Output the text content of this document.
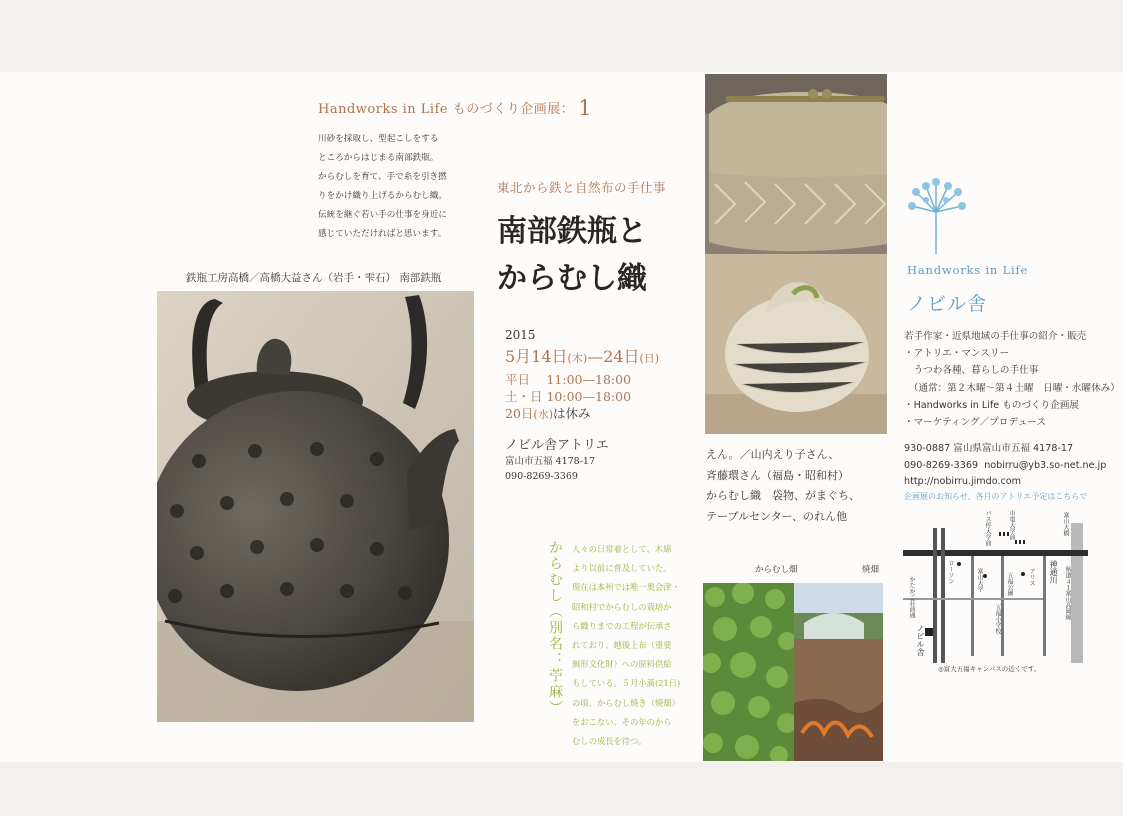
Handworks in Life ものづくり企画展： 1
川砂を採取し、型起こしをする
ところからはじまる南部鉄瓶。
からむしを育て、手で糸を引き撚
りをかけ織り上げるからむし織。
伝統を継ぐ若い手の仕事を身近に
感じていただければと思います。
鉄瓶工房高橋／高橋大益さん（岩手・雫石） 南部鉄瓶
東北から鉄と自然布の手仕事
南部鉄瓶と
からむし織
2015
5月14日(木)—24日(日)
平日　 11:00—18:00
土・日 10:00—18:00
20日(水)は休み
ノビル舎アトリエ
富山市五福 4178-17
090-8269-3369
からむし（別名：苧麻） 人々の日常着として、木綿
より以前に普及していた。
現在は本州では唯一奥会津・
昭和村でからむしの栽培か
ら織りまでの工程が伝承さ
れており、越後上布（重要
無形文化財）への原料供給
もしている。５月小満(21日)
の頃、からむし焼き（焼畑）
をおこない、その年のから
むしの成長を待つ。
えん。／山内えり子さん、
斉藤環さん（福島・昭和村）
からむし織　袋物、がまぐち、
テーブルセンター、のれん他
からむし畑	焼畑
Handworks in Life
ノビル舎
若手作家・近県地域の手仕事の紹介・販売
・アトリエ・マンスリー
　うつわ各種、暮らしの手仕事
　（通常：第２木曜〜第４土曜　日曜・水曜休み）
・Handworks in Life ものづくり企画展
・マーケティング／プロデュース
930-0887 富山県富山市五福 4178-17
090-8269-3369 nobirru@yb3.so-net.ne.jp
http://nobirru.jimdo.com
企画展のお知らせ、各月のアトリエ予定はこちらで
ローソン	富山大学	アリス 神通川
ノビル舎
バス停大学前	市電大学前	富山大橋
五福公園
五福小学校	県道４１富山高岡線
かたかご荘前通
◎富大五福キャンパスの近くです。
